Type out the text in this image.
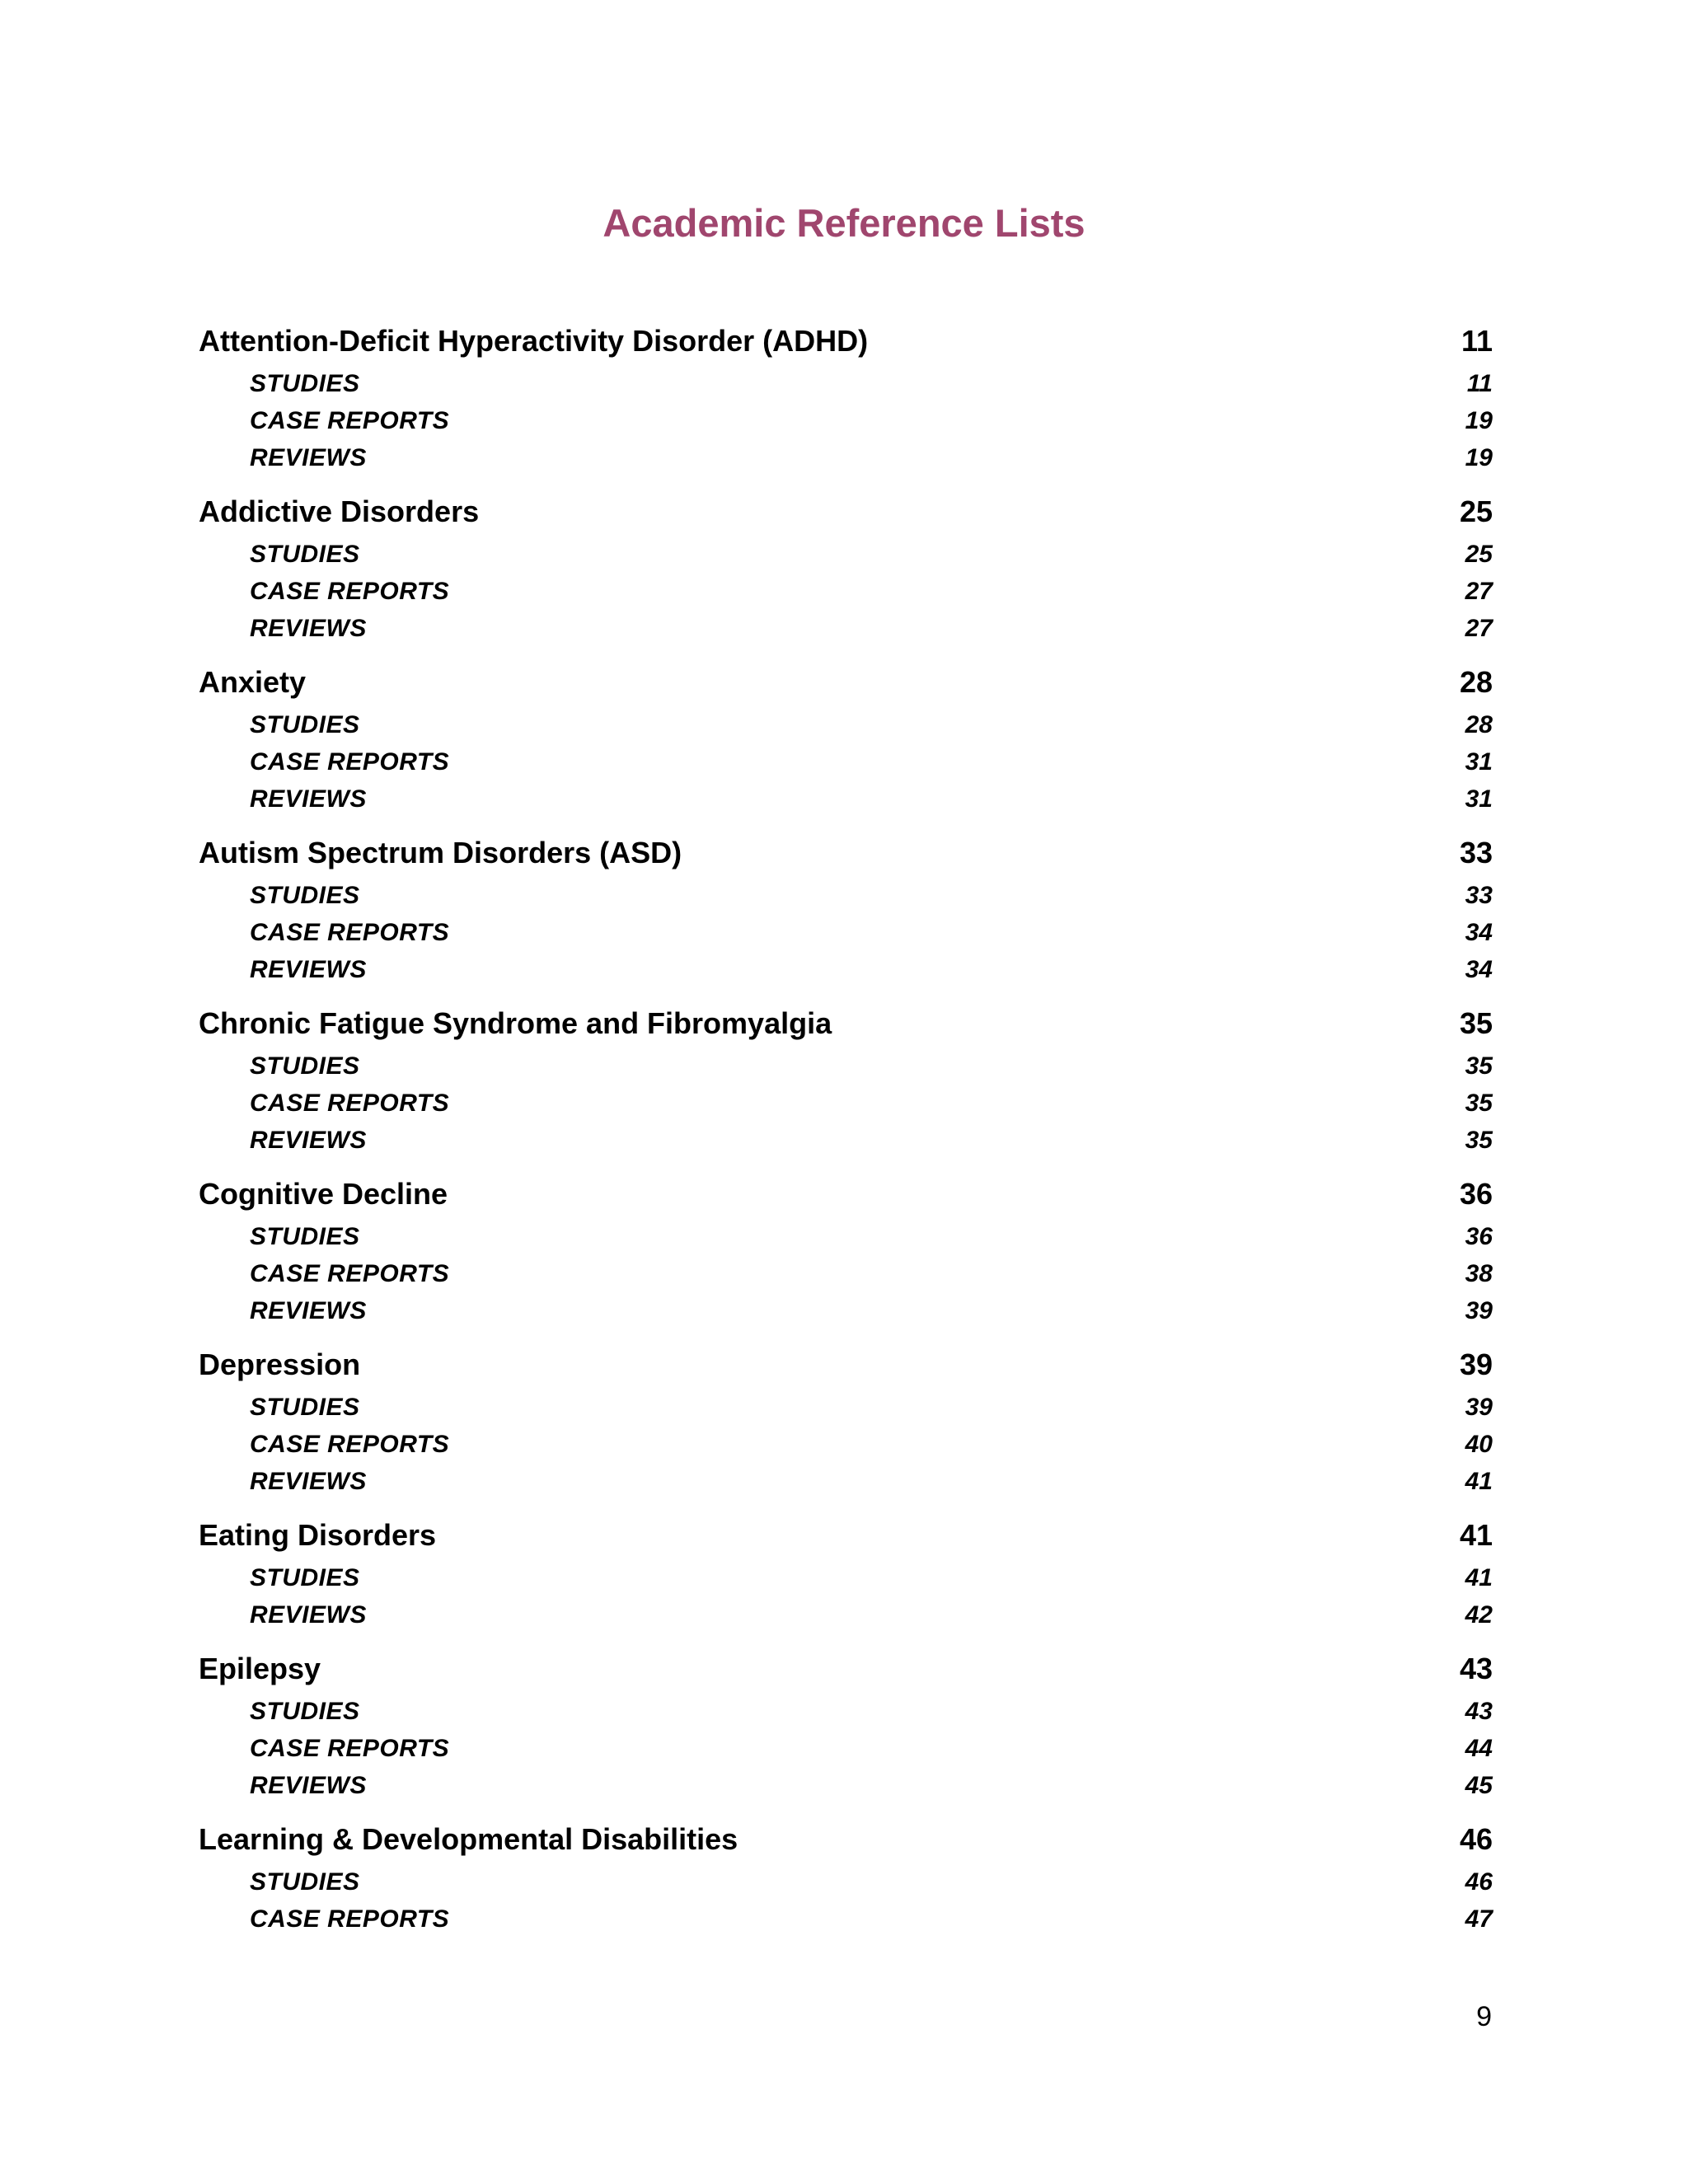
Academic Reference Lists
Attention-Deficit Hyperactivity Disorder (ADHD)	11
STUDIES	11
CASE REPORTS	19
REVIEWS	19
Addictive Disorders	25
STUDIES	25
CASE REPORTS	27
REVIEWS	27
Anxiety	28
STUDIES	28
CASE REPORTS	31
REVIEWS	31
Autism Spectrum Disorders (ASD)	33
STUDIES	33
CASE REPORTS	34
REVIEWS	34
Chronic Fatigue Syndrome and Fibromyalgia	35
STUDIES	35
CASE REPORTS	35
REVIEWS	35
Cognitive Decline	36
STUDIES	36
CASE REPORTS	38
REVIEWS	39
Depression	39
STUDIES	39
CASE REPORTS	40
REVIEWS	41
Eating Disorders	41
STUDIES	41
REVIEWS	42
Epilepsy	43
STUDIES	43
CASE REPORTS	44
REVIEWS	45
Learning & Developmental Disabilities	46
STUDIES	46
CASE REPORTS	47
9
